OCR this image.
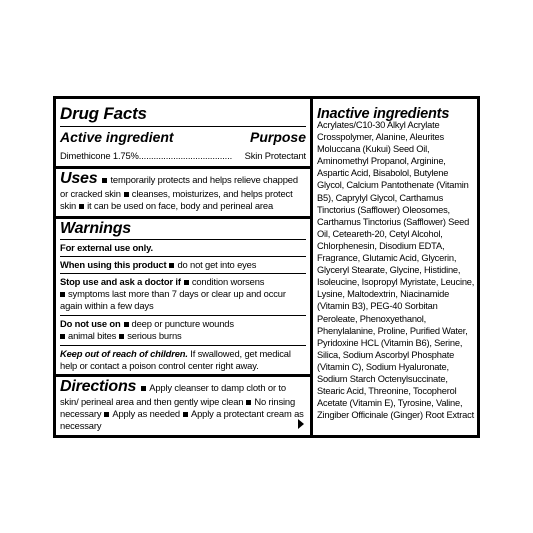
Drug Facts
Active ingredient	Purpose
Dimethicone 1.75% ......................................	Skin Protectant
Uses temporarily protects and helps relieve chapped or cracked skin cleanses, moisturizes, and helps protect skin it can be used on face, body and perineal area
Warnings
For external use only.
When using this product do not get into eyes
Stop use and ask a doctor if condition worsens
symptoms last more than 7 days or clear up and occur again within a few days
Do not use on deep or puncture wounds
animal bites serious burns
Keep out of reach of children. If swallowed, get medical help or contact a poison control center right away.
Directions Apply cleanser to damp cloth or to skin/ perineal area and then gently wipe clean No rinsing necessary Apply as needed Apply a protectant cream as necessary
Inactive ingredients
Acrylates/C10-30 Alkyl Acrylate Crosspolymer, Alanine, Aleurites Moluccana (Kukui) Seed Oil, Aminomethyl Propanol, Arginine, Aspartic Acid, Bisabolol, Butylene Glycol, Calcium Pantothenate (Vitamin B5), Caprylyl Glycol, Carthamus Tinctorius (Safflower) Oleosomes, Carthamus Tinctorius (Safflower) Seed Oil, Ceteareth-20, Cetyl Alcohol, Chlorphenesin, Disodium EDTA, Fragrance, Glutamic Acid, Glycerin, Glyceryl Stearate, Glycine, Histidine, Isoleucine, Isopropyl Myristate, Leucine, Lysine, Maltodextrin, Niacinamide (Vitamin B3), PEG-40 Sorbitan Peroleate, Phenoxyethanol, Phenylalanine, Proline, Purified Water, Pyridoxine HCL (Vitamin B6), Serine, Silica, Sodium Ascorbyl Phosphate (Vitamin C), Sodium Hyaluronate, Sodium Starch Octenylsuccinate, Stearic Acid, Threonine, Tocopherol Acetate (Vitamin E), Tyrosine, Valine, Zingiber Officinale (Ginger) Root Extract
